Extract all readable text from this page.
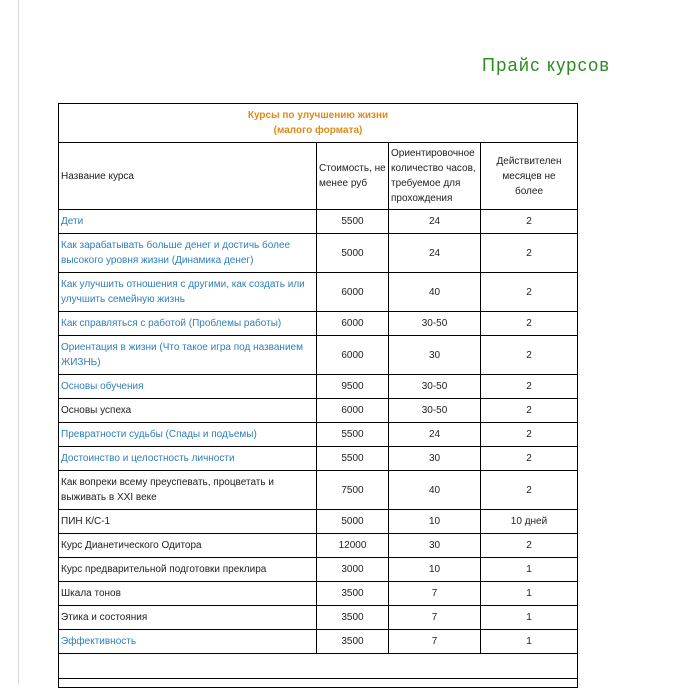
Прайс курсов
Курсы по улучшению жизни
(малого формата)			

Название курса	Стоимость, не менее руб	Ориентировочное количество часов, требуемое для прохождения	Действителен месяцев не более
Дети	5500	24	2
Как зарабатывать больше денег и достичь более высокого уровня жизни (Динамика денег)	5000	24	2
Как улучшить отношения с другими, как создать или улучшить семейную жизнь	6000	40	2
Как справляться с работой (Проблемы работы)	6000	30-50	2
Ориентация в жизни (Что такое игра под названием ЖИЗНЬ)	6000	30	2
Основы обучения	9500	30-50	2
Основы успеха	6000	30-50	2
Превратности судьбы (Спады и подъемы)	5500	24	2
Достоинство и целостность личности	5500	30	2
Как вопреки всему преуспевать, процветать и выживать в XXI веке	7500	40	2
ПИН К/С-1	5000	10	10 дней
Курс Дианетического Одитора	12000	30	2
Курс предварительной подготовки преклира	3000	10	1
Шкала тонов	3500	7	1
Этика и состояния	3500	7	1
Эффективность	3500	7	1
